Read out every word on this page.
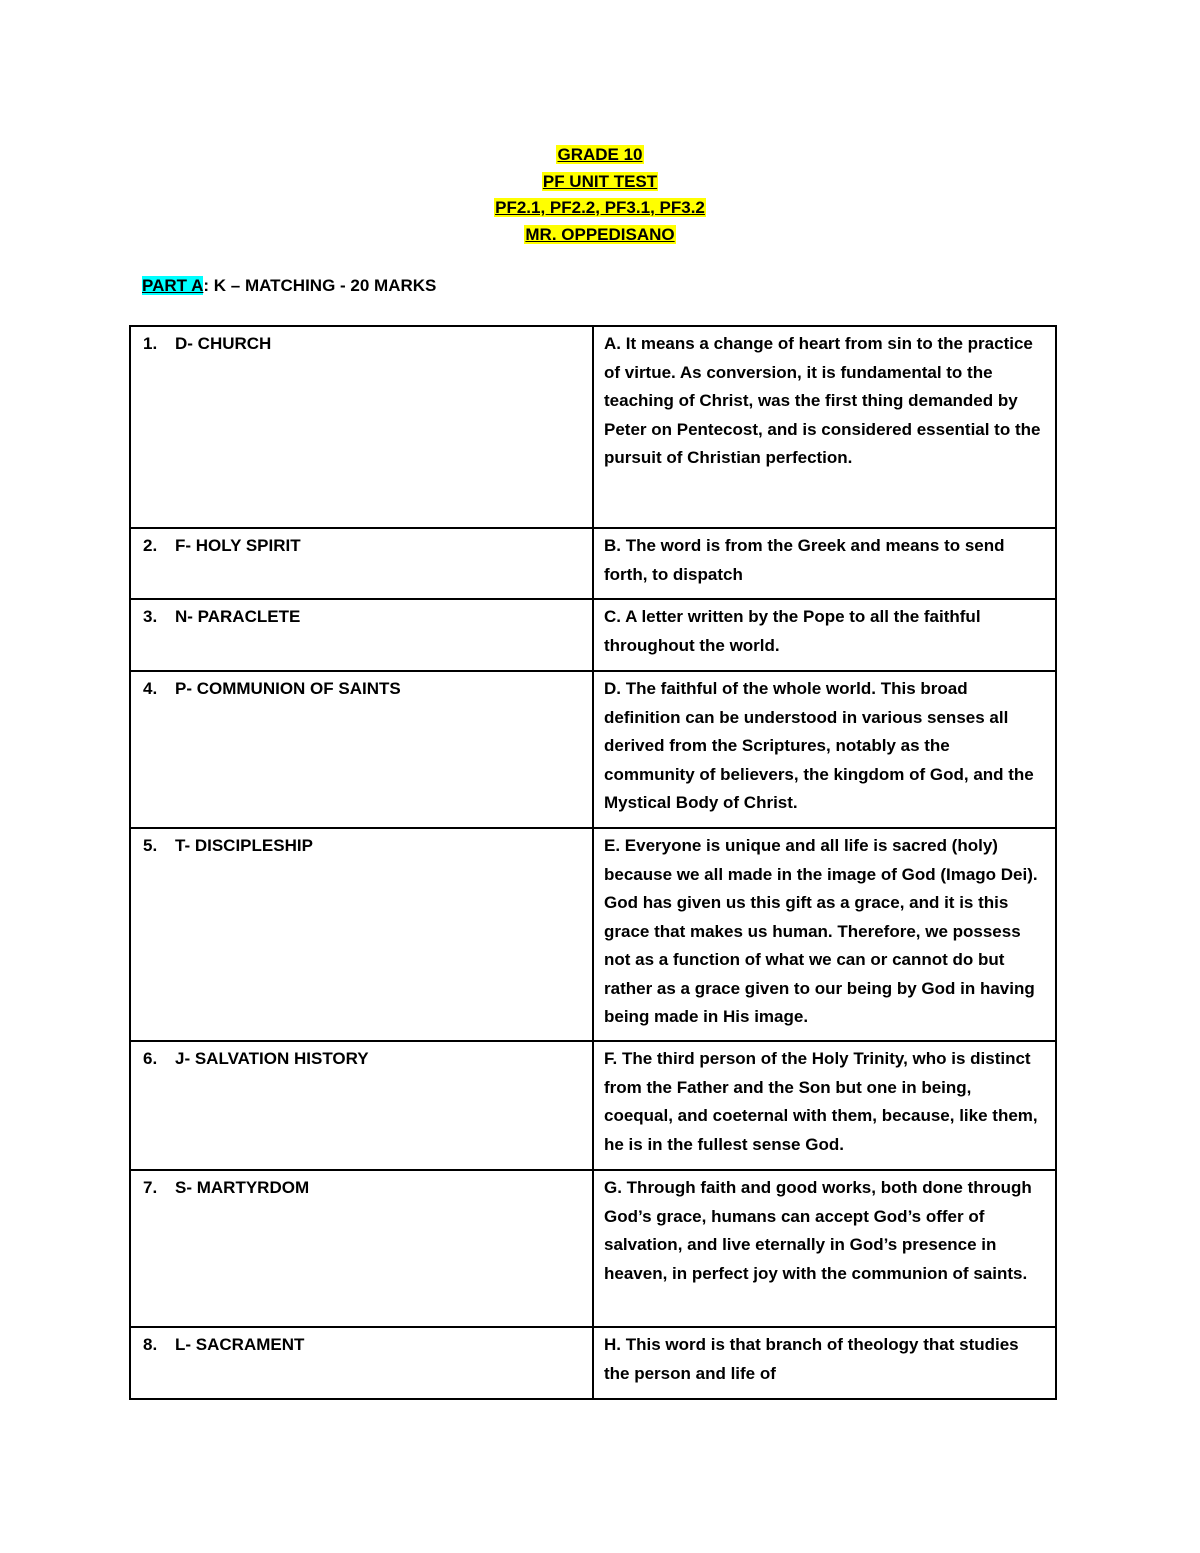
GRADE 10
PF UNIT TEST
PF2.1, PF2.2, PF3.1, PF3.2
MR. OPPEDISANO
PART A: K – MATCHING - 20 MARKS
1. D- CHURCH	A. It means a change of heart from sin to the practice of virtue. As conversion, it is fundamental to the teaching of Christ, was the first thing demanded by Peter on Pentecost, and is considered essential to the pursuit of Christian perfection.
2. F- HOLY SPIRIT	B. The word is from the Greek and means to send forth, to dispatch
3. N- PARACLETE	C. A letter written by the Pope to all the faithful throughout the world.
4. P- COMMUNION OF SAINTS	D. The faithful of the whole world. This broad definition can be understood in various senses all derived from the Scriptures, notably as the community of believers, the kingdom of God, and the Mystical Body of Christ.
5. T- DISCIPLESHIP	E. Everyone is unique and all life is sacred (holy) because we all made in the image of God (Imago Dei). God has given us this gift as a grace, and it is this grace that makes us human. Therefore, we possess not as a function of what we can or cannot do but rather as a grace given to our being by God in having being made in His image.
6. J- SALVATION HISTORY	F. The third person of the Holy Trinity, who is distinct from the Father and the Son but one in being, coequal, and coeternal with them, because, like them, he is in the fullest sense God.
7. S- MARTYRDOM	G. Through faith and good works, both done through God’s grace, humans can accept God’s offer of salvation, and live eternally in God’s presence in heaven, in perfect joy with the communion of saints.
8. L- SACRAMENT	H. This word is that branch of theology that studies the person and life of
